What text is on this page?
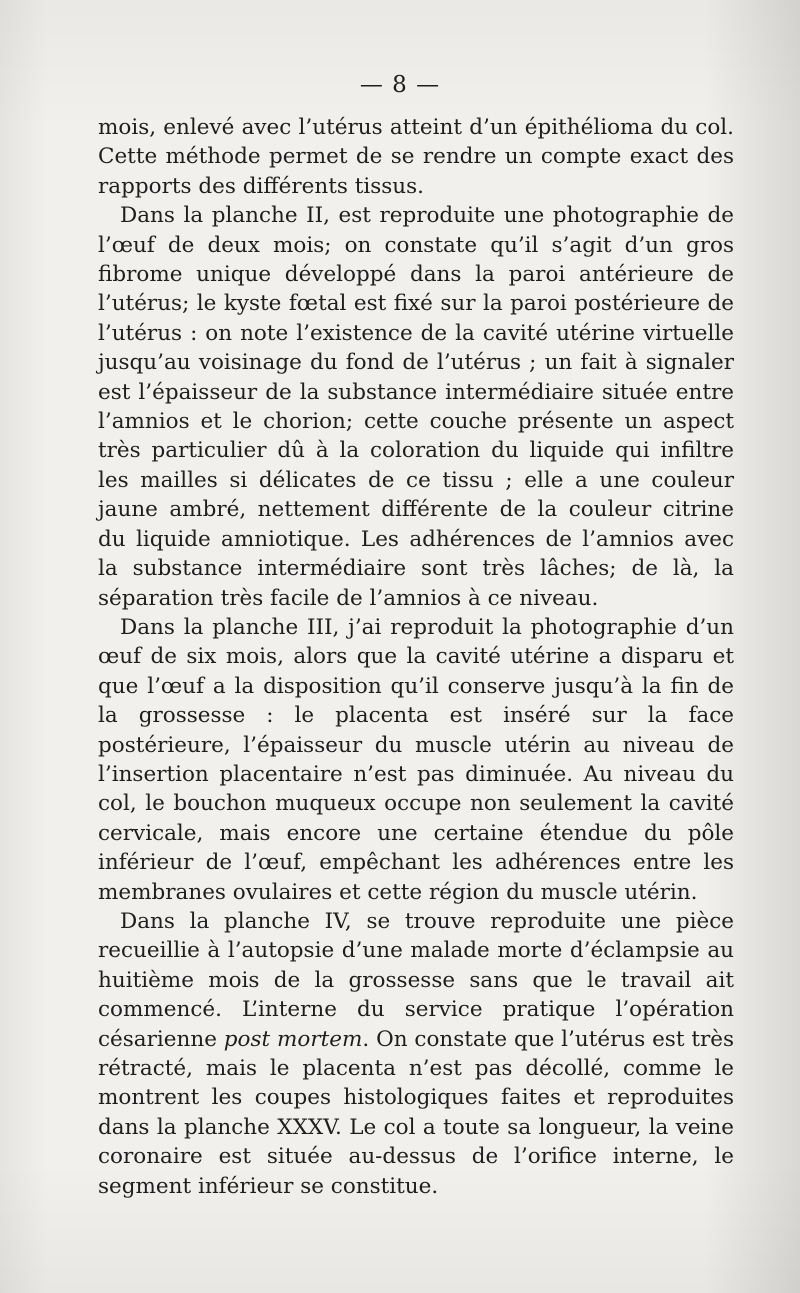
— 8 —

mois, enlevé avec l’utérus atteint d’un épithélioma du col. Cette méthode permet de se rendre un compte exact des rapports des différents tissus.

Dans la planche II, est reproduite une photographie de l’œuf de deux mois; on constate qu’il s’agit d’un gros fibrome unique développé dans la paroi antérieure de l’utérus; le kyste fœtal est fixé sur la paroi postérieure de l’utérus : on note l’existence de la cavité utérine virtuelle jusqu’au voisinage du fond de l’utérus ; un fait à signaler est l’épaisseur de la substance intermédiaire située entre l’amnios et le chorion; cette couche présente un aspect très particulier dû à la coloration du liquide qui infiltre les mailles si délicates de ce tissu ; elle a une couleur jaune ambré, nettement différente de la couleur citrine du liquide amniotique. Les adhérences de l’amnios avec la substance intermédiaire sont très lâches; de là, la séparation très facile de l’amnios à ce niveau.

Dans la planche III, j’ai reproduit la photographie d’un œuf de six mois, alors que la cavité utérine a disparu et que l’œuf a la disposition qu’il conserve jusqu’à la fin de la grossesse : le placenta est inséré sur la face postérieure, l’épaisseur du muscle utérin au niveau de l’insertion placentaire n’est pas diminuée. Au niveau du col, le bouchon muqueux occupe non seulement la cavité cervicale, mais encore une certaine étendue du pôle inférieur de l’œuf, empêchant les adhérences entre les membranes ovulaires et cette région du muscle utérin.

Dans la planche IV, se trouve reproduite une pièce recueillie à l’autopsie d’une malade morte d’éclampsie au huitième mois de la grossesse sans que le travail ait commencé. L’interne du service pratique l’opération césarienne post mortem. On constate que l’utérus est très rétracté, mais le placenta n’est pas décollé, comme le montrent les coupes histologiques faites et reproduites dans la planche XXXV. Le col a toute sa longueur, la veine coronaire est située au-dessus de l’orifice interne, le segment inférieur se constitue.
